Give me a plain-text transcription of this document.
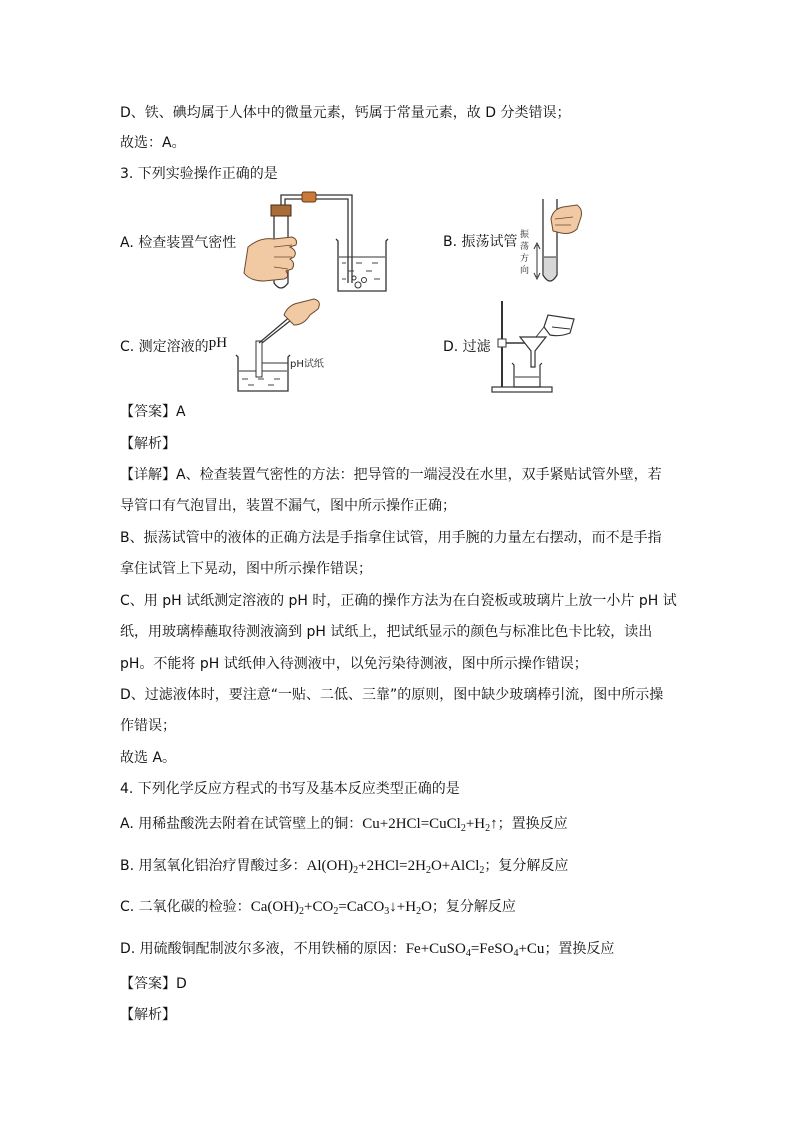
D、铁、碘均属于人体中的微量元素，钙属于常量元素，故 D 分类错误；
故选：A。
3. 下列实验操作正确的是
A. 检查装置气密性	B. 振荡试管
C. 测定溶液的pH	D. 过滤
振
荡
方
向
pH试纸
【答案】A
【解析】
【详解】A、检查装置气密性的方法：把导管的一端浸没在水里，双手紧贴试管外壁，若
导管口有气泡冒出，装置不漏气，图中所示操作正确；
B、振荡试管中的液体的正确方法是手指拿住试管，用手腕的力量左右摆动，而不是手指
拿住试管上下晃动，图中所示操作错误；
C、用 pH 试纸测定溶液的 pH 时，正确的操作方法为在白瓷板或玻璃片上放一小片 pH 试
纸，用玻璃棒蘸取待测液滴到 pH 试纸上，把试纸显示的颜色与标准比色卡比较，读出
pH。不能将 pH 试纸伸入待测液中，以免污染待测液，图中所示操作错误；
D、过滤液体时，要注意“一贴、二低、三靠”的原则，图中缺少玻璃棒引流，图中所示操
作错误；
故选 A。
4. 下列化学反应方程式的书写及基本反应类型正确的是
A. 用稀盐酸洗去附着在试管壁上的铜：$Cu+2HCl=CuCl_2+H_2↑$；置换反应
B. 用氢氧化铝治疗胃酸过多：$Al(OH)_2+2HCl=2H_2O+AlCl_2$；复分解反应
C. 二氧化碳的检验：$Ca(OH)_2+CO_2=CaCO_3↓+H_2O$；复分解反应
D. 用硫酸铜配制波尔多液，不用铁桶的原因：Fe+CuSO$_4$=FeSO$_4$+Cu；置换反应
【答案】D
【解析】
